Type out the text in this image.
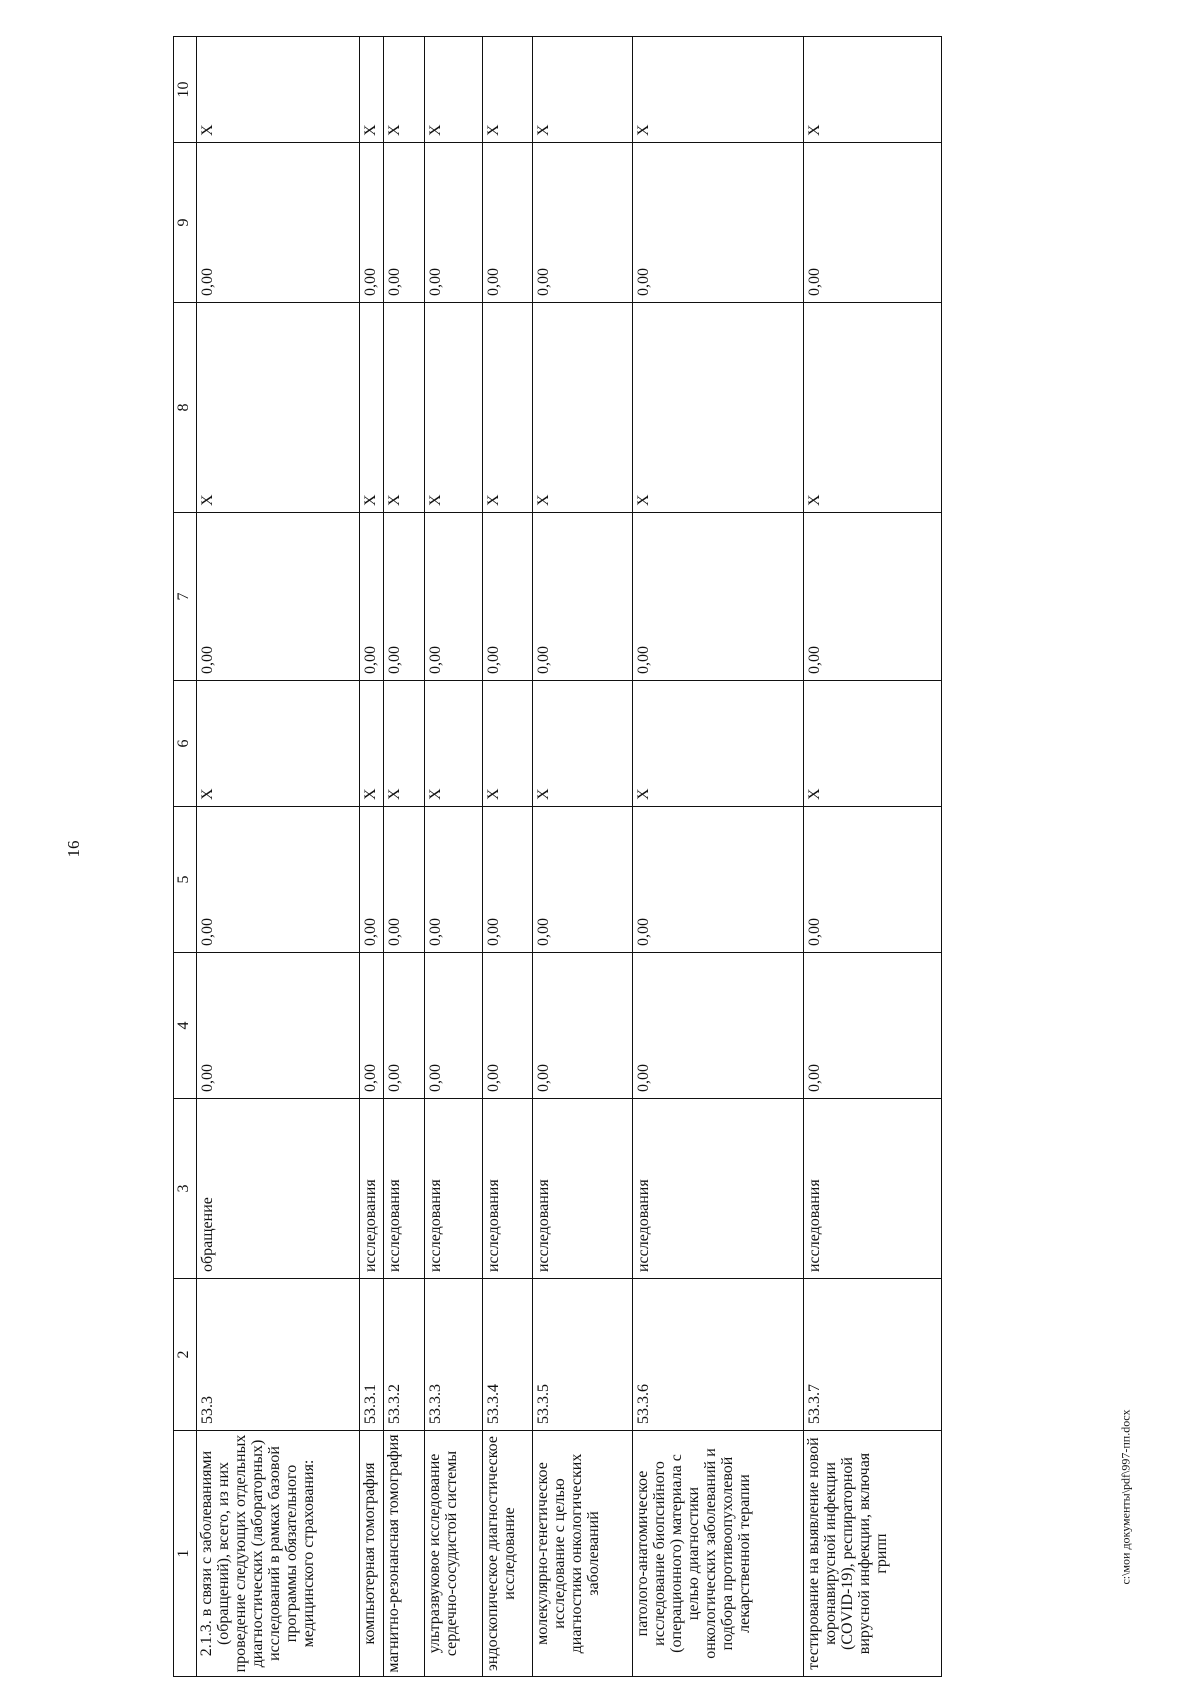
16
1	2	3	4	5	6	7	8	9	10
2.1.3. в связи с заболеваниями (обращений), всего, из них проведение следующих отдельных диагностических (лабораторных) исследований в рамках базовой программы обязательного медицинского страхования:	53.3	обращение	0,00	0,00	Х	0,00	Х	0,00	Х
компьютерная томография	53.3.1	исследования	0,00	0,00	Х	0,00	Х	0,00	Х
магнитно-резонансная томография	53.3.2	исследования	0,00	0,00	Х	0,00	Х	0,00	Х
ультразвуковое исследование сердечно-сосудистой системы	53.3.3	исследования	0,00	0,00	Х	0,00	Х	0,00	Х
эндоскопическое диагностическое исследование	53.3.4	исследования	0,00	0,00	Х	0,00	Х	0,00	Х
молекулярно-генетическое исследование с целью диагностики онкологических заболеваний	53.3.5	исследования	0,00	0,00	Х	0,00	Х	0,00	Х
патолого-анатомическое исследование биопсийного (операционного) материала с целью диагностики онкологических заболеваний и подбора противоопухолевой лекарственной терапии	53.3.6	исследования	0,00	0,00	Х	0,00	Х	0,00	Х
тестирование на выявление новой коронавирусной инфекции (COVID-19), респираторной вирусной инфекции, включая грипп	53.3.7	исследования	0,00	0,00	Х	0,00	Х	0,00	Х
c:\мои документы\pdf\997-пп.docx
